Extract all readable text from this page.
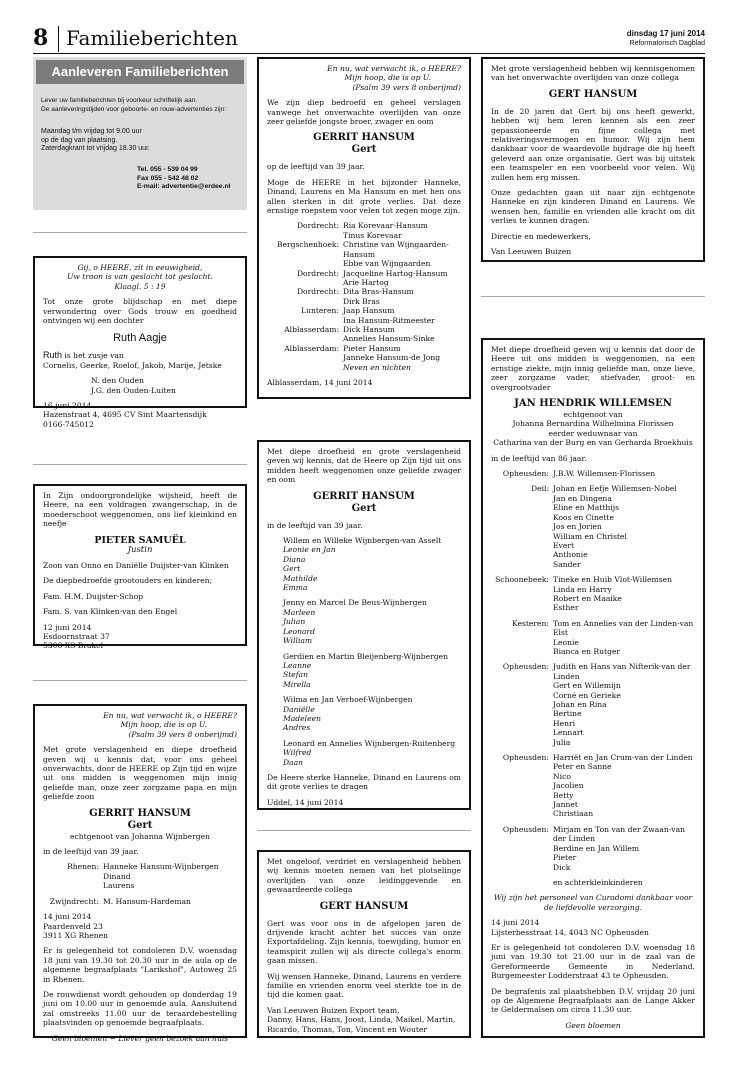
8 Familieberichten	dinsdag 17 juni 2014
Reformatorisch Dagblad
Aanleveren Familieberichten
Lever uw familieberichten bij voorkeur schriftelijk aan.
De aanleveringstijden voor geboorte- en rouw-advertenties zijn:
Maandag t/m vrijdag tot 9.00 uur
op de dag van plaatsing.
Zaterdagkrant tot vrijdag 18.30 uur.
Tel. 055 - 539 04 99
Fax 055 - 542 48 02
E-mail: advertentie@erdee.nl

Gij, o HEERE, zit in eeuwigheid,

Uw troon is van geslacht tot geslacht.

Klaagl. 5 : 19

Tot onze grote blijdschap en met diepe verwondering over Gods trouw en goedheid ontvingen wij een dochter

Ruth Aagje

Ruth is het zusje van

Cornelis, Geerke, Roelof, Jakob, Marije, Jetske

N. den Ouden

J.G. den Ouden-Luiten

16 juni 2014

Hazenstraat 4, 4695 CV Sint Maartensdijk

0166-745012

In Zijn ondoorgrondelijke wijsheid, heeft de Heere, na een voldragen zwangerschap, in de moederschoot weggenomen, ons lief kleinkind en neefje

PIETER SAMUËL

Justin

Zoon van Onno en Daniëlle Duijster-van Klinken

De diepbedroefde grootouders en kinderen;

Fam. H.M. Duijster-Schop

Fam. S. van Klinken-van den Engel

12 juni 2014

Esdoornstraat 37

5306 XS Brakel

En nu, wat verwacht ik, o HEERE?

Mijn hoop, die is op U.

(Psalm 39 vers 8 onberijmd)

Met grote verslagenheid en diepe droefheid geven wij u kennis dat, voor ons geheel onverwachts, door de HEERE op Zijn tijd en wijze uit ons midden is weggenomen mijn innig geliefde man, onze zeer zorgzame papa en mijn geliefde zoon

GERRIT HANSUM

Gert

echtgenoot van Johanna Wijnbergen

in de leeftijd van 39 jaar.

Rhenen: Hanneke Hansum-Wijnbergen
Dinand
Laurens
Zwijndrecht: M. Hansum-Hardeman

14 juni 2014

Paardenveld 23

3911 XG Rhenen

Er is gelegenheid tot condoleren D.V. woensdag 18 juni van 19.30 tot 20.30 uur in de aula op de algemene begraafplaats "Larikshof", Autoweg 25 in Rhenen.

De rouwdienst wordt gehouden op donderdag 19 juni om 10.00 uur in genoemde aula. Aansluitend zal omstreeks 11.00 uur de teraardebestelling plaatsvinden op genoemde begraafplaats.

Geen bloemen ~ Liever geen bezoek aan huis

En nu, wat verwacht ik, o HEERE?

Mijn hoop, die is op U.

(Psalm 39 vers 8 onberijmd)

We zijn diep bedroefd en geheel verslagen vanwege het onverwachte overlijden van onze zeer geliefde jongste broer, zwager en oom

GERRIT HANSUM

Gert

op de leeftijd van 39 jaar.

Moge de HEERE in het bijzonder Hanneke, Dinand, Laurens en Ma Hansum en met hen ons allen sterken in dit grote verlies. Dat deze ernstige roepstem voor velen tot zegen moge zijn.

Dordrecht: Ria Korevaar-Hansum
Tinus Korevaar
Bergschenhoek: Christine van Wijngaarden-Hansum
Ebbe van Wijngaarden
Dordrecht: Jacqueline Hartog-Hansum
Arie Hartog
Dordrecht: Dita Bras-Hansum
Dirk Bras
Lunteren: Jaap Hansum
Ina Hansum-Ritmeester
Alblasserdam: Dick Hansum
Annelies Hansum-Sinke
Alblasserdam: Pieter Hansum
Janneke Hansum-de Jong
Neven en nichten

Alblasserdam, 14 juni 2014

Met diepe droefheid en grote verslagenheid geven wij kennis, dat de Heere op Zijn tijd uit ons midden heeft weggenomen onze geliefde zwager en oom

GERRIT HANSUM

Gert

in de leeftijd van 39 jaar.

Willem en Willeke Wijnbergen-van Asselt

Leonie en Jan

Diana

Gert

Mathilde

Emma

Jenny en Marcel De Beus-Wijnbergen

Marleen

Julian

Leonard

William

Gerdien en Martin Bleijenberg-Wijnbergen

Leanne

Stefan

Mirella

Wilma en Jan Verhoef-Wijnbergen

Daniëlle

Madeleen

Andres

Leonard en Annelies Wijnbergen-Ruitenberg

Wilfred

Daan

De Heere sterke Hanneke, Dinand en Laurens om dit grote verlies te dragen

Uddel, 14 juni 2014

Met ongeloof, verdriet en verslagenheid hebben wij kennis moeten nemen van het plotselinge overlijden van onze leidinggevende en gewaardeerde collega

GERT HANSUM

Gert was voor ons in de afgelopen jaren de drijvende kracht achter het succes van onze Exportafdeling. Zijn kennis, toewijding, humor en teamspirit zullen wij als directe collega's enorm gaan missen.

Wij wensen Hanneke, Dinand, Laurens en verdere familie en vrienden enorm veel sterkte toe in de tijd die komen gaat.

Van Leeuwen Buizen Export team,

Danny, Hans, Hans, Joost, Linda, Maikel, Martin, Ricardo, Thomas, Ton, Vincent en Wouter

Met grote verslagenheid hebben wij kennisgenomen van het onverwachte overlijden van onze collega

GERT HANSUM

In de 20 jaren dat Gert bij ons heeft gewerkt, hebben wij hem leren kennen als een zeer gepassioneerde en fijne collega met relativeringsvermogen en humor. Wij zijn hem dankbaar voor de waardevolle bijdrage die hij heeft geleverd aan onze organisatie. Gert was bij uitstek een teamspeler en een voorbeeld voor velen. Wij zullen hem erg missen.

Onze gedachten gaan uit naar zijn echtgenote Hanneke en zijn kinderen Dinand en Laurens. We wensen hen, familie en vrienden alle kracht om dit verlies te kunnen dragen.

Directie en medewerkers,

Van Leeuwen Buizen

Met diepe droefheid geven wij u kennis dat door de Heere uit ons midden is weggenomen, na een ernstige ziekte, mijn innig geliefde man, onze lieve, zeer zorgzame vader, stiefvader, groot- en overgrootvader

JAN HENDRIK WILLEMSEN

echtgenoot van

Johanna Bernardina Wilhelmina Florissen

eerder weduwnaar van

Catharina van der Burg en van Gerharda Broekhuis

in de leeftijd van 86 jaar.

Opheusden: J.B.W. Willemsen-Florissen
Deil: Johan en Eefje Willemsen-Nobel
Jan en Dingena
Eline en Matthijs
Koos en Cinette
Jos en Jorien
William en Christel
Evert
Anthonie
Sander
Schoonebeek: Tineke en Huib Vlot-Willemsen
Linda en Harry
Robert en Maaike
Esther
Kesteren: Tom en Annelies van der Linden-van Elst
Leonie
Bianca en Rutger
Opheusden: Judith en Hans van Nifterik-van der Linden
Gert en Willemijn
Corné en Gerieke
Johan en Rina
Bertine
Henri
Lennart
Julia
Opheusden: Harriët en Jan Crum-van der Linden
Peter en Sanne
Nico
Jacolien
Betty
Jannet
Christiaan
Opheusden: Mirjam en Ton van der Zwaan-van der Linden
Berdine en Jan Willem
Pieter
Dick

en achterkleinkinderen

Wij zijn het personeel van Curadomi dankbaar voor de liefdevolle verzorging.

14 juni 2014

Lijsterbesstraat 14, 4043 NC Opheusden

Er is gelegenheid tot condoleren D.V. woensdag 18 juni van 19.30 tot 21.00 uur in de zaal van de Gereformeerde Gemeente in Nederland, Burgemeester Lodderstraat 43 te Opheusden.

De begrafenis zal plaatshebben D.V. vrijdag 20 juni op de Algemene Begraafplaats aan de Lange Akker te Geldermalsen om circa 11.30 uur.

Geen bloemen
